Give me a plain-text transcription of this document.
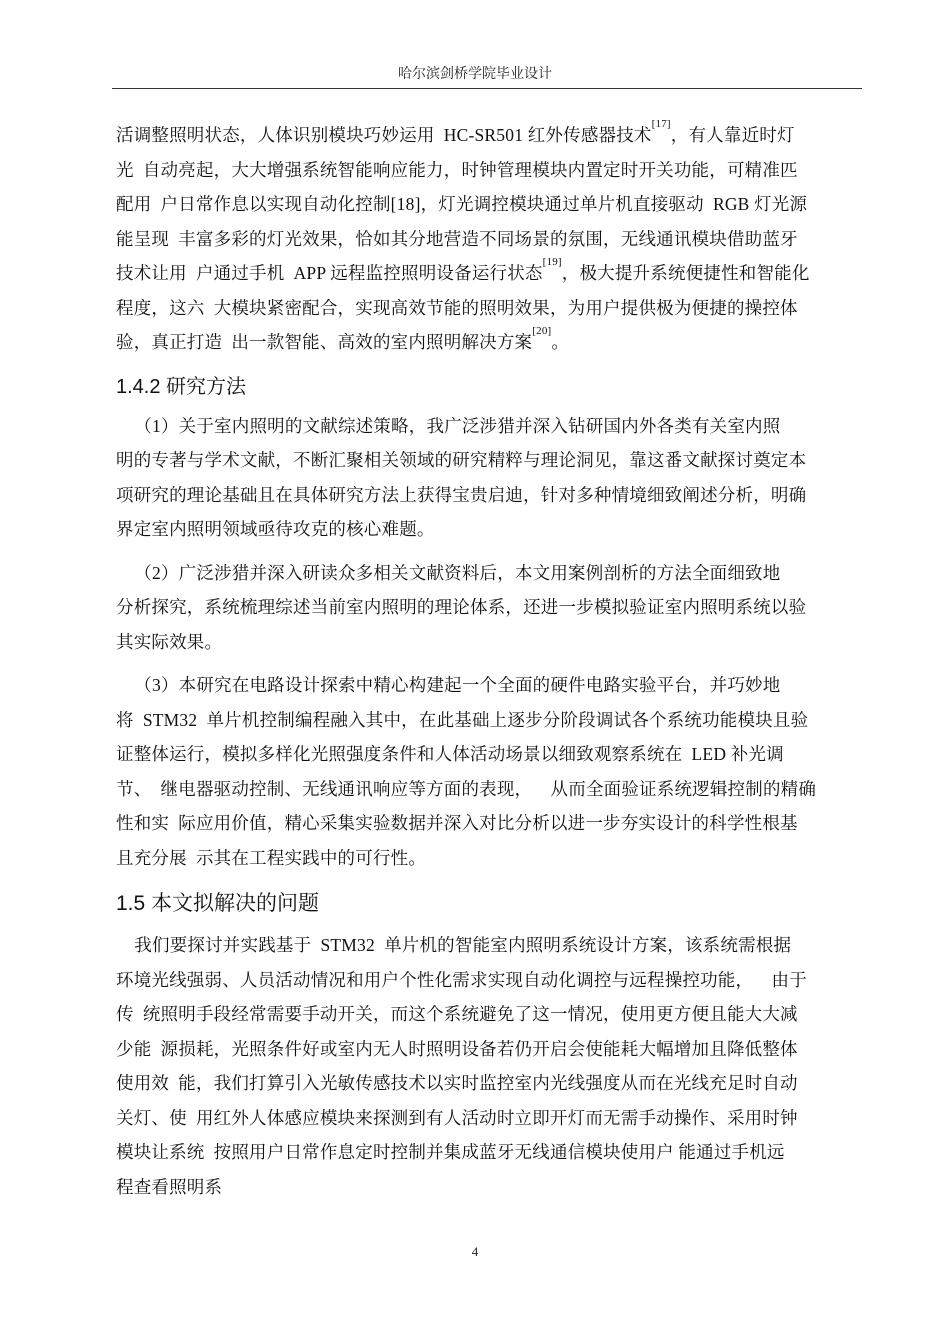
哈尔滨剑桥学院毕业设计
活调整照明状态，人体识别模块巧妙运用  HC-SR501 红外传感器技术[17]，有人靠近时灯
光  自动亮起，大大增强系统智能响应能力，时钟管理模块内置定时开关功能，可精准匹
配用  户日常作息以实现自动化控制[18]，灯光调控模块通过单片机直接驱动  RGB 灯光源
能呈现  丰富多彩的灯光效果，恰如其分地营造不同场景的氛围，无线通讯模块借助蓝牙
技术让用  户通过手机  APP 远程监控照明设备运行状态[19]，极大提升系统便捷性和智能化
程度，这六  大模块紧密配合，实现高效节能的照明效果，为用户提供极为便捷的操控体
验，真正打造  出一款智能、高效的室内照明解决方案[20]。
1.4.2 研究方法
（1）关于室内照明的文献综述策略，我广泛涉猎并深入钻研国内外各类有关室内照
明的专著与学术文献，不断汇聚相关领域的研究精粹与理论洞见，靠这番文献探讨奠定本
项研究的理论基础且在具体研究方法上获得宝贵启迪，针对多种情境细致阐述分析，明确
界定室内照明领域亟待攻克的核心难题。
（2）广泛涉猎并深入研读众多相关文献资料后，本文用案例剖析的方法全面细致地
分析探究，系统梳理综述当前室内照明的理论体系，还进一步模拟验证室内照明系统以验
其实际效果。
（3）本研究在电路设计探索中精心构建起一个全面的硬件电路实验平台，并巧妙地
将  STM32  单片机控制编程融入其中，在此基础上逐步分阶段调试各个系统功能模块且验
证整体运行，模拟多样化光照强度条件和人体活动场景以细致观察系统在  LED 补光调
节、  继电器驱动控制、无线通讯响应等方面的表现，    从而全面验证系统逻辑控制的精确
性和实  际应用价值，精心采集实验数据并深入对比分析以进一步夯实设计的科学性根基
且充分展  示其在工程实践中的可行性。
1.5 本文拟解决的问题
我们要探讨并实践基于  STM32  单片机的智能室内照明系统设计方案，该系统需根据
环境光线强弱、人员活动情况和用户个性化需求实现自动化调控与远程操控功能，    由于
传  统照明手段经常需要手动开关，而这个系统避免了这一情况，使用更方便且能大大减
少能  源损耗，光照条件好或室内无人时照明设备若仍开启会使能耗大幅增加且降低整体
使用效  能，我们打算引入光敏传感技术以实时监控室内光线强度从而在光线充足时自动
关灯、使  用红外人体感应模块来探测到有人活动时立即开灯而无需手动操作、采用时钟
模块让系统  按照用户日常作息定时控制并集成蓝牙无线通信模块使用户 能通过手机远
程查看照明系
4
